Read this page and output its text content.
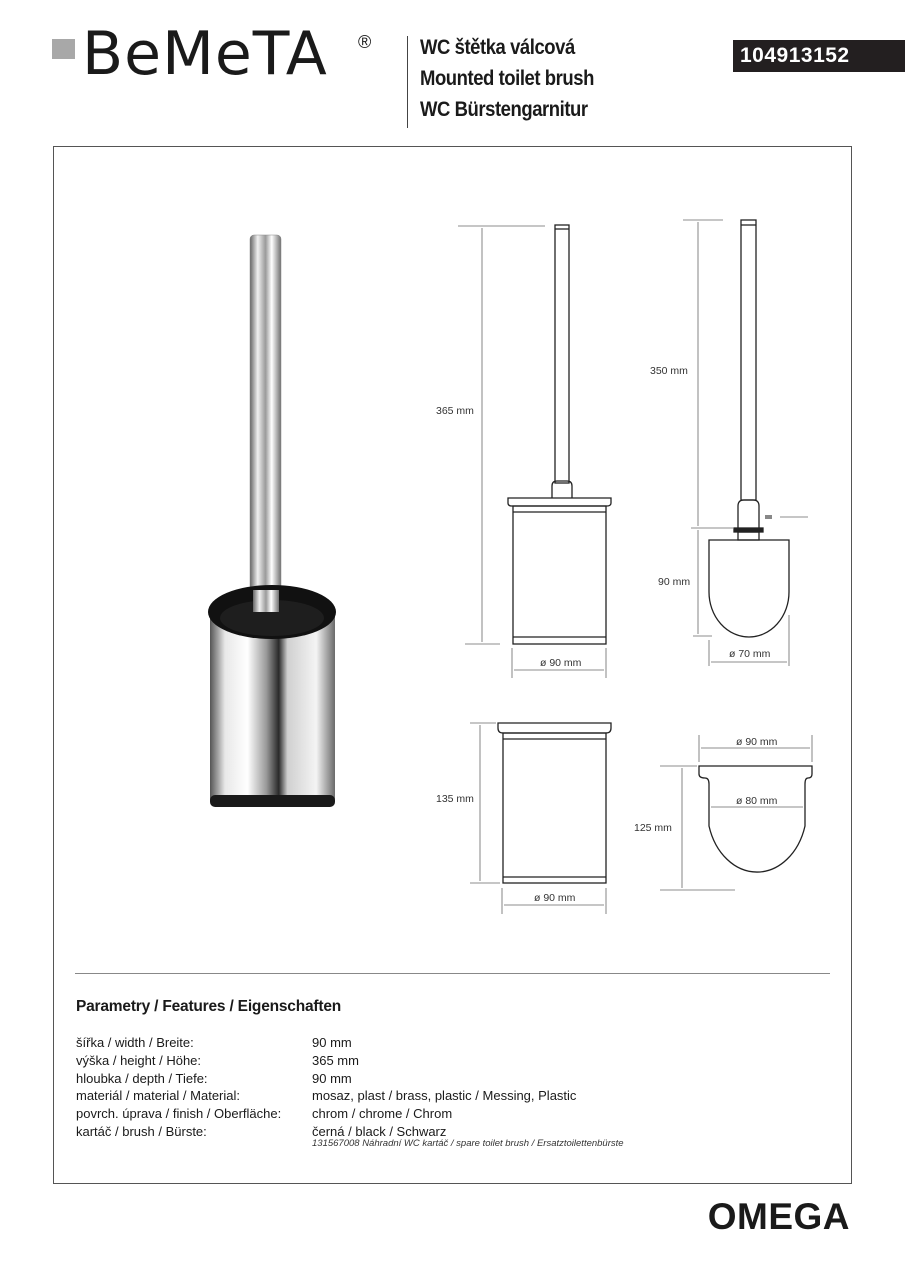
BeMeTA ® WC štětka válcová
Mounted toilet brush
WC Bürstengarnitur
104913152
365 mm
ø 90 mm
350 mm
90 mm
ø 70 mm
135 mm
ø 90 mm
ø 90 mm
ø 80 mm
125 mm
Parametry / Features / Eigenschaften
šířka / width / Breite:	90 mm
výška / height / Höhe:	365 mm
hloubka / depth / Tiefe:	90 mm
materiál / material / Material:	mosaz, plast / brass, plastic / Messing, Plastic
povrch. úprava / finish / Oberfläche:	chrom / chrome / Chrom
kartáč / brush / Bürste:	černá / black / Schwarz
131567008 Náhradní WC kartáč / spare toilet brush / Ersatztoilettenbürste
OMEGA
